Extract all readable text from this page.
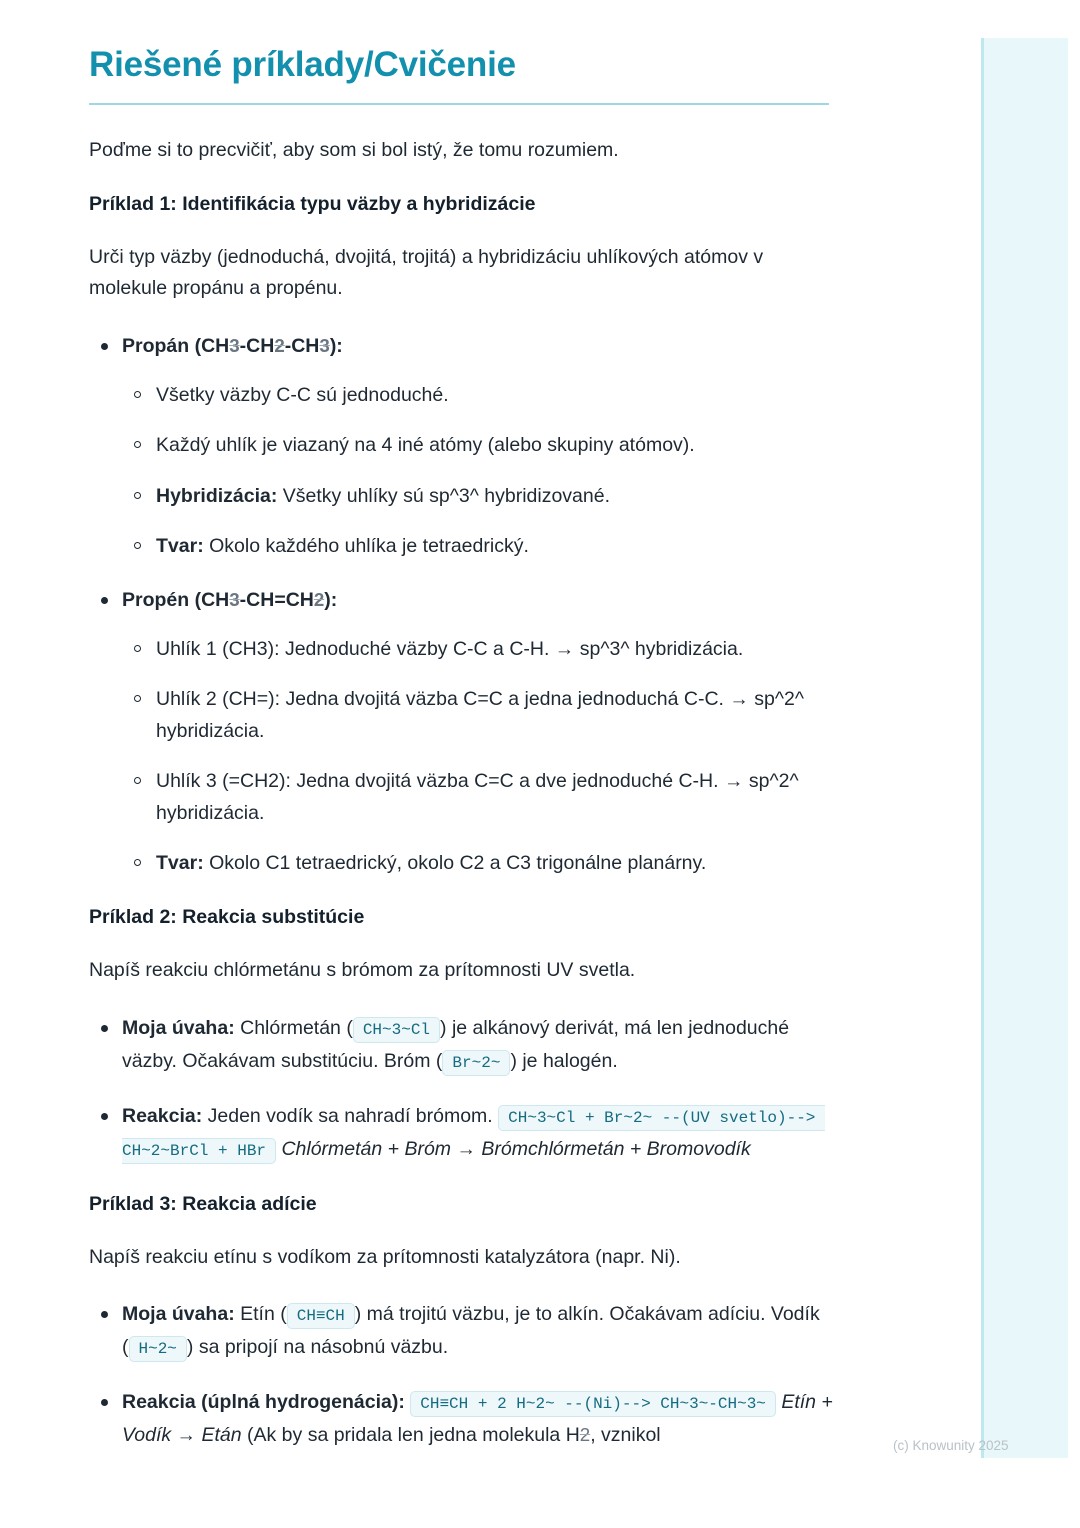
Riešené príklady/Cvičenie

Poďme si to precvičiť, aby som si bol istý, že tomu rozumiem.

Príklad 1: Identifikácia typu väzby a hybridizácie

Urči typ väzby (jednoduchá, dvojitá, trojitá) a hybridizáciu uhlíkových atómov v molekule propánu a propénu.

Propán (CH3-CH2-CH3):
Všetky väzby C-C sú jednoduché.
Každý uhlík je viazaný na 4 iné atómy (alebo skupiny atómov).
Hybridizácia: Všetky uhlíky sú sp^3^ hybridizované.
Tvar: Okolo každého uhlíka je tetraedrický.
Propén (CH3-CH=CH2):
Uhlík 1 (CH3): Jednoduché väzby C-C a C-H. → sp^3^ hybridizácia.
Uhlík 2 (CH=): Jedna dvojitá väzba C=C a jedna jednoduchá C-C. → sp^2^ hybridizácia.
Uhlík 3 (=CH2): Jedna dvojitá väzba C=C a dve jednoduché C-H. → sp^2^ hybridizácia.
Tvar: Okolo C1 tetraedrický, okolo C2 a C3 trigonálne planárny.
Príklad 2: Reakcia substitúcie

Napíš reakciu chlórmetánu s brómom za prítomnosti UV svetla.

Moja úvaha: Chlórmetán ( CH~3~Cl ) je alkánový derivát, má len jednoduché väzby. Očakávam substitúciu. Bróm ( Br~2~ ) je halogén.
Reakcia: Jeden vodík sa nahradí brómom. CH~3~Cl + Br~2~ --(UV svetlo)--> CH~2~BrCl + HBr Chlórmetán + Bróm → Brómchlórmetán + Bromovodík
Príklad 3: Reakcia adície

Napíš reakciu etínu s vodíkom za prítomnosti katalyzátora (napr. Ni).

Moja úvaha: Etín ( CH≡CH ) má trojitú väzbu, je to alkín. Očakávam adíciu. Vodík ( H~2~ ) sa pripojí na násobnú väzbu.
Reakcia (úplná hydrogenácia): CH≡CH + 2 H~2~ --(Ni)--> CH~3~-CH~3~ Etín + Vodík → Etán (Ak by sa pridala len jedna molekula H2, vznikol	(c) Knowunity 2025
